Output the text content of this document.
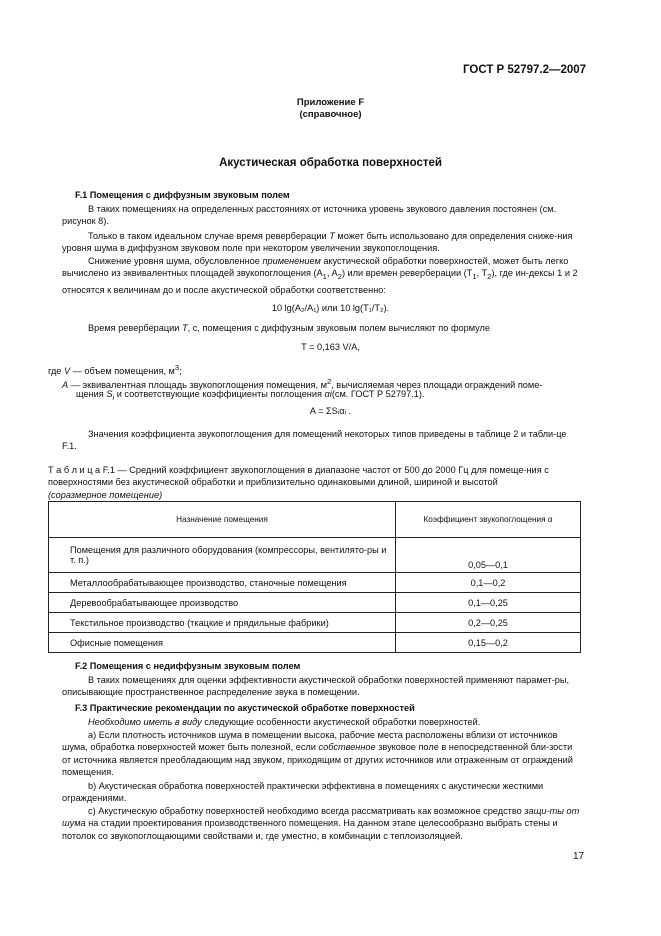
ГОСТ Р 52797.2—2007
Приложение F
(справочное)
Акустическая обработка поверхностей

F.1 Помещения с диффузным звуковым полем

В таких помещениях на определенных расстояниях от источника уровень звукового давления постоянен (см. рисунок 8).

Только в таком идеальном случае время реверберации T может быть использовано для определения сниже-ния уровня шума в диффузном звуковом поле при некотором увеличении звукопоглощения.

Снижение уровня шума, обусловленное применением акустической обработки поверхностей, может быть легко вычислено из эквивалентных площадей звукопоглощения ($A_1$, $A_2$) или времен реверберации ($T_1$, $T_2$), где ин-дексы 1 и 2 относятся к величинам до и после акустической обработки соответственно:

10 lg(A₂/A₁) или 10 lg(T₁/T₂).

Время реверберации T, с, помещения с диффузным звуковым полем вычисляют по формуле

T = 0,163 V/A,

где V — объем помещения, $м^3$;

A — эквивалентная площадь звукопоглощения помещения, $м^2$, вычисляемая через площади ограждений поме-

щения $S_i$ и соответствующие коэффициенты поглощения αi(см. ГОСТ Р 52797.1).

A = ΣSᵢαᵢ .

Значения коэффициента звукопоглощения для помещений некоторых типов приведены в таблице 2 и табли-це F.1.

Т а б л и ц а F.1 — Средний коэффициент звукопоглощения в диапазоне частот от 500 до 2000 Гц для помеще-ния с поверхностями без акустической обработки и приблизительно одинаковыми длиной, шириной и высотой
(соразмерное помещение)

Назначение помещения	Коэффициент звукопоглощения α
Помещения для различного оборудования (компрессоры, вентилято-ры и т. п.)	0,05—0,1
Металлообрабатывающее производство, станочные помещения	0,1—0,2
Деревообрабатывающее производство	0,1—0,25
Текстильное производство (ткацкие и прядильные фабрики)	0,2—0,25
Офисные помещения	0,15—0,2

F.2 Помещения с недиффузным звуковым полем

В таких помещениях для оценки эффективности акустической обработки поверхностей применяют парамет-ры, описывающие пространственное распределение звука в помещении.

F.3 Практические рекомендации по акустической обработке поверхностей

Необходимо иметь в виду следующие особенности акустической обработки поверхностей.

a) Если плотность источников шума в помещении высока, рабочие места расположены вблизи от источников шума, обработка поверхностей может быть полезной, если собственное звуковое поле в непосредственной бли-зости от источника является преобладающим над звуком, приходящим от других источников или отраженным от ограждений помещения.

b) Акустическая обработка поверхностей практически эффективна в помещениях с акустически жесткими ограждениями.

c) Акустическую обработку поверхностей необходимо всегда рассматривать как возможное средство защи-ты от шума на стадии проектирования производственного помещения. На данном этапе целесообразно выбрать стены и потолок со звукопоглощающими свойствами и, где уместно, в комбинации с теплоизоляцией.

17
